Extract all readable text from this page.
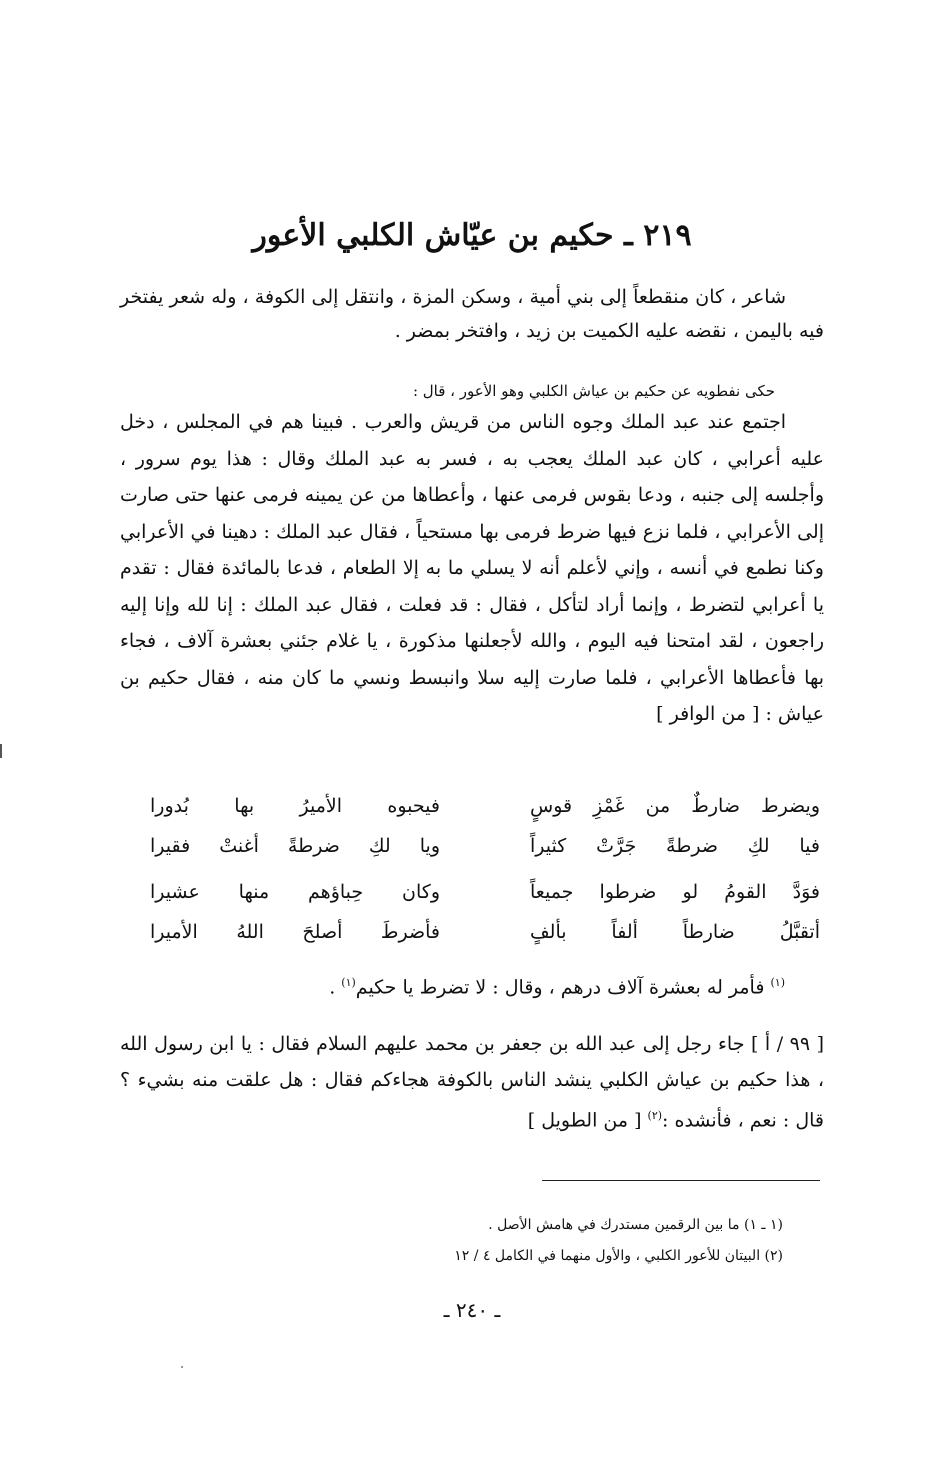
٢١٩ ـ حكيم بن عيّاش الكلبي الأعور

شاعر ، كان منقطعاً إلى بني أمية ، وسكن المزة ، وانتقل إلى الكوفة ، وله شعر يفتخر فيه باليمن ، نقضه عليه الكميت بن زيد ، وافتخر بمضر .

حكى نفطويه عن حكيم بن عياش الكلبي وهو الأعور ، قال :

اجتمع عند عبد الملك وجوه الناس من قريش والعرب . فبينا هم في المجلس ، دخل عليه أعرابي ، كان عبد الملك يعجب به ، فسر به عبد الملك وقال : هذا يوم سرور ، وأجلسه إلى جنبه ، ودعا بقوس فرمى عنها ، وأعطاها من عن يمينه فرمى عنها حتى صارت إلى الأعرابي ، فلما نزع فيها ضرط فرمى بها مستحياً ، فقال عبد الملك : دهينا في الأعرابي وكنا نطمع في أنسه ، وإني لأعلم أنه لا يسلي ما به إلا الطعام ، فدعا بالمائدة فقال : تقدم يا أعرابي لتضرط ، وإنما أراد لتأكل ، فقال : قد فعلت ، فقال عبد الملك : إنا لله وإنا إليه راجعون ، لقد امتحنا فيه اليوم ، والله لأجعلنها مذكورة ، يا غلام جئني بعشرة آلاف ، فجاء بها فأعطاها الأعرابي ، فلما صارت إليه سلا وانبسط ونسي ما كان منه ، فقال حكيم بن عياش : [ من الوافر ]

ويضرط ضارطٌ من غَمْزِ قوسٍ
فيحبوه الأميرُ بها بُدورا
فيا لكِ ضرطةً جَرَّتْ كثيراً
ويا لكِ ضرطةً أغنتْ فقيرا
فوَدَّ القومُ لو ضرطوا جميعاً
وكان حِباؤهم منها عشيرا
أتقبَّلُ ضارطاً ألفاً بألفٍ
فأضرطَ أصلحَ اللهُ الأميرا

$^{(١)}$ فأمر له بعشرة آلاف درهم ، وقال : لا تضرط يا حكيم$^{(١)}$ .

[ ٩٩ / أ ] جاء رجل إلى عبد الله بن جعفر بن محمد عليهم السلام فقال : يا ابن رسول الله ، هذا حكيم بن عياش الكلبي ينشد الناس بالكوفة هجاءكم فقال : هل علقت منه بشيء ؟ قال : نعم ، فأنشده :$^{(٢)}$ [ من الطويل ]

(١ ـ ١) ما بين الرقمين مستدرك في هامش الأصل .
(٢) البيتان للأعور الكلبي ، والأول منهما في الكامل ٤ / ١٢
ـ ٢٤٠ ـ
